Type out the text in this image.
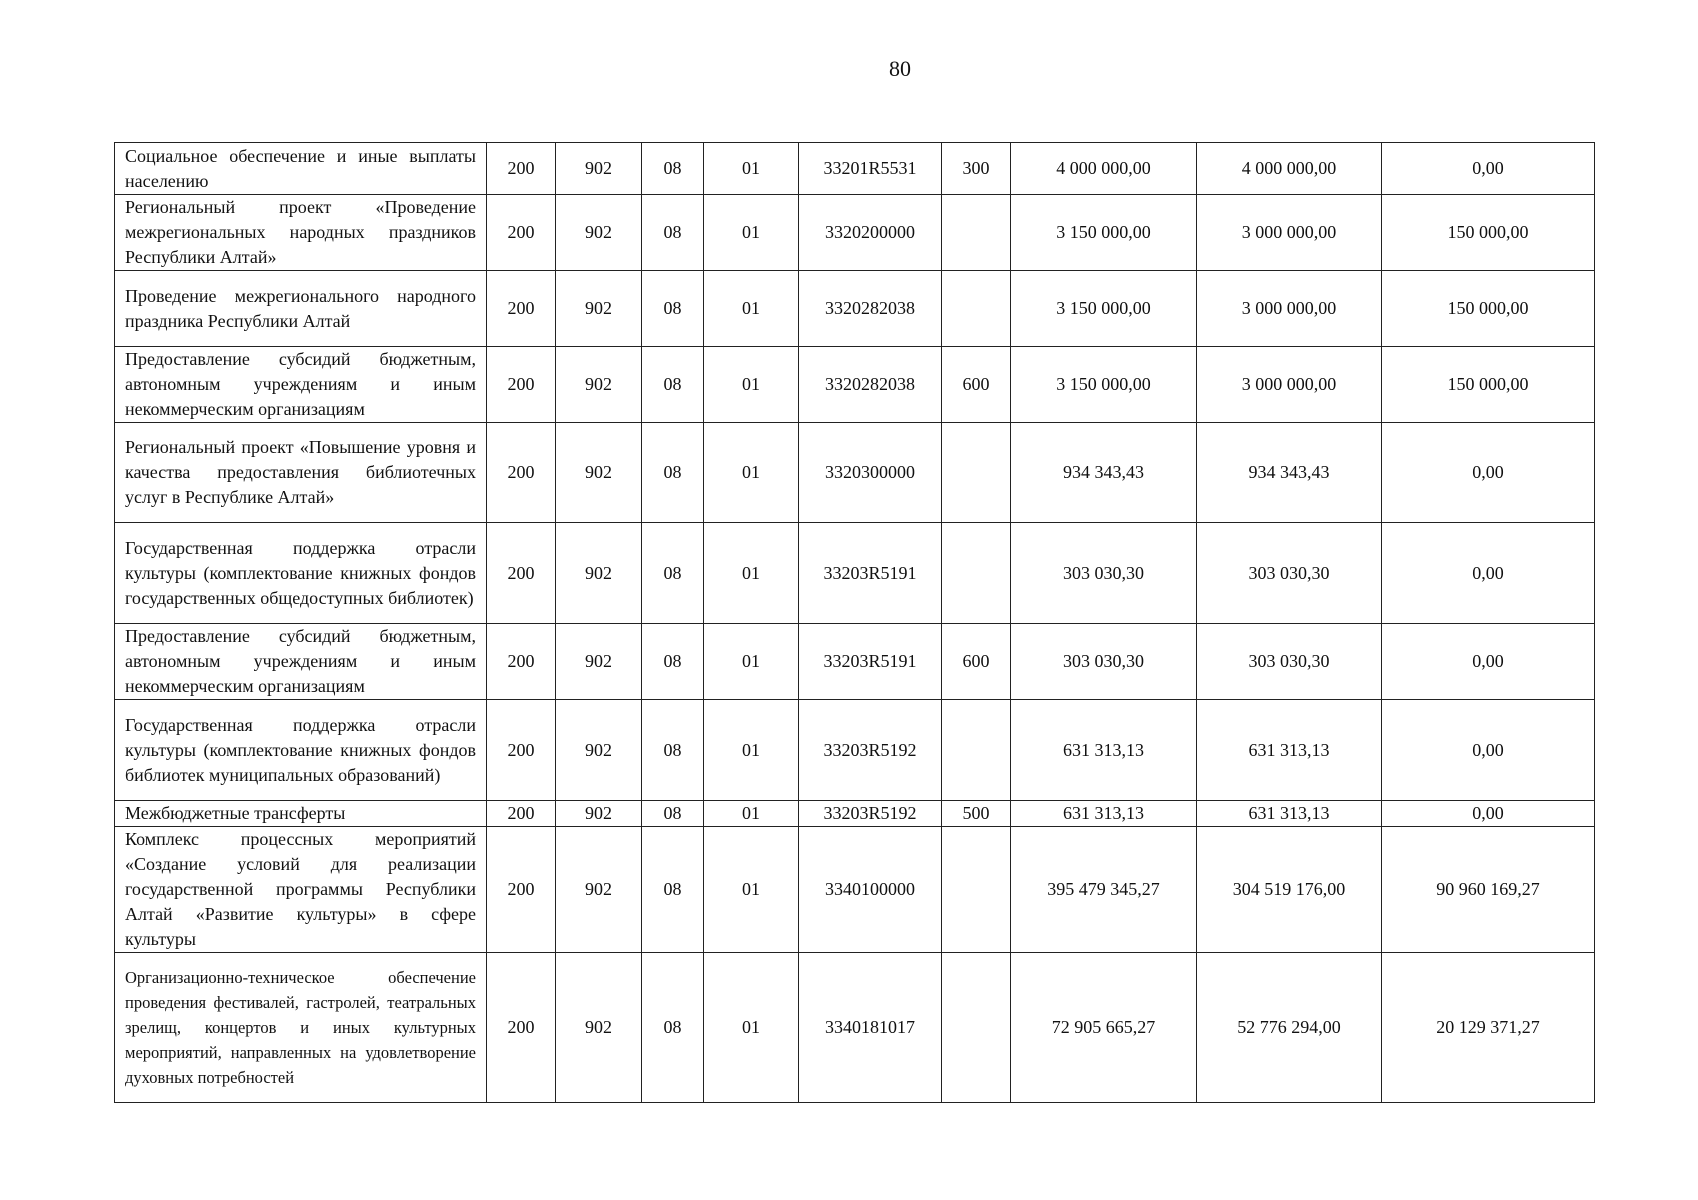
80
Социальное обеспечение и иные выплаты населению	200	902	08	01	33201R5531	300	4 000 000,00	4 000 000,00	0,00
Региональный проект «Проведение межрегиональных народных праздников Республики Алтай»	200	902	08	01	3320200000		3 150 000,00	3 000 000,00	150 000,00
Проведение межрегионального народного праздника Республики Алтай	200	902	08	01	3320282038		3 150 000,00	3 000 000,00	150 000,00
Предоставление субсидий бюджетным, автономным учреждениям и иным некоммерческим организациям	200	902	08	01	3320282038	600	3 150 000,00	3 000 000,00	150 000,00
Региональный проект «Повышение уровня и качества предоставления библиотечных услуг в Республике Алтай»	200	902	08	01	3320300000		934 343,43	934 343,43	0,00
Государственная поддержка отрасли культуры (комплектование книжных фондов государственных общедоступных библиотек)	200	902	08	01	33203R5191		303 030,30	303 030,30	0,00
Предоставление субсидий бюджетным, автономным учреждениям и иным некоммерческим организациям	200	902	08	01	33203R5191	600	303 030,30	303 030,30	0,00
Государственная поддержка отрасли культуры (комплектование книжных фондов библиотек муниципальных образований)	200	902	08	01	33203R5192		631 313,13	631 313,13	0,00
Межбюджетные трансферты	200	902	08	01	33203R5192	500	631 313,13	631 313,13	0,00
Комплекс процессных мероприятий «Создание условий для реализации государственной программы Республики Алтай «Развитие культуры» в сфере культуры	200	902	08	01	3340100000		395 479 345,27	304 519 176,00	90 960 169,27
Организационно-техническое обеспечение проведения фестивалей, гастролей, театральных зрелищ, концертов и иных культурных мероприятий, направленных на удовлетворение духовных потребностей	200	902	08	01	3340181017		72 905 665,27	52 776 294,00	20 129 371,27
